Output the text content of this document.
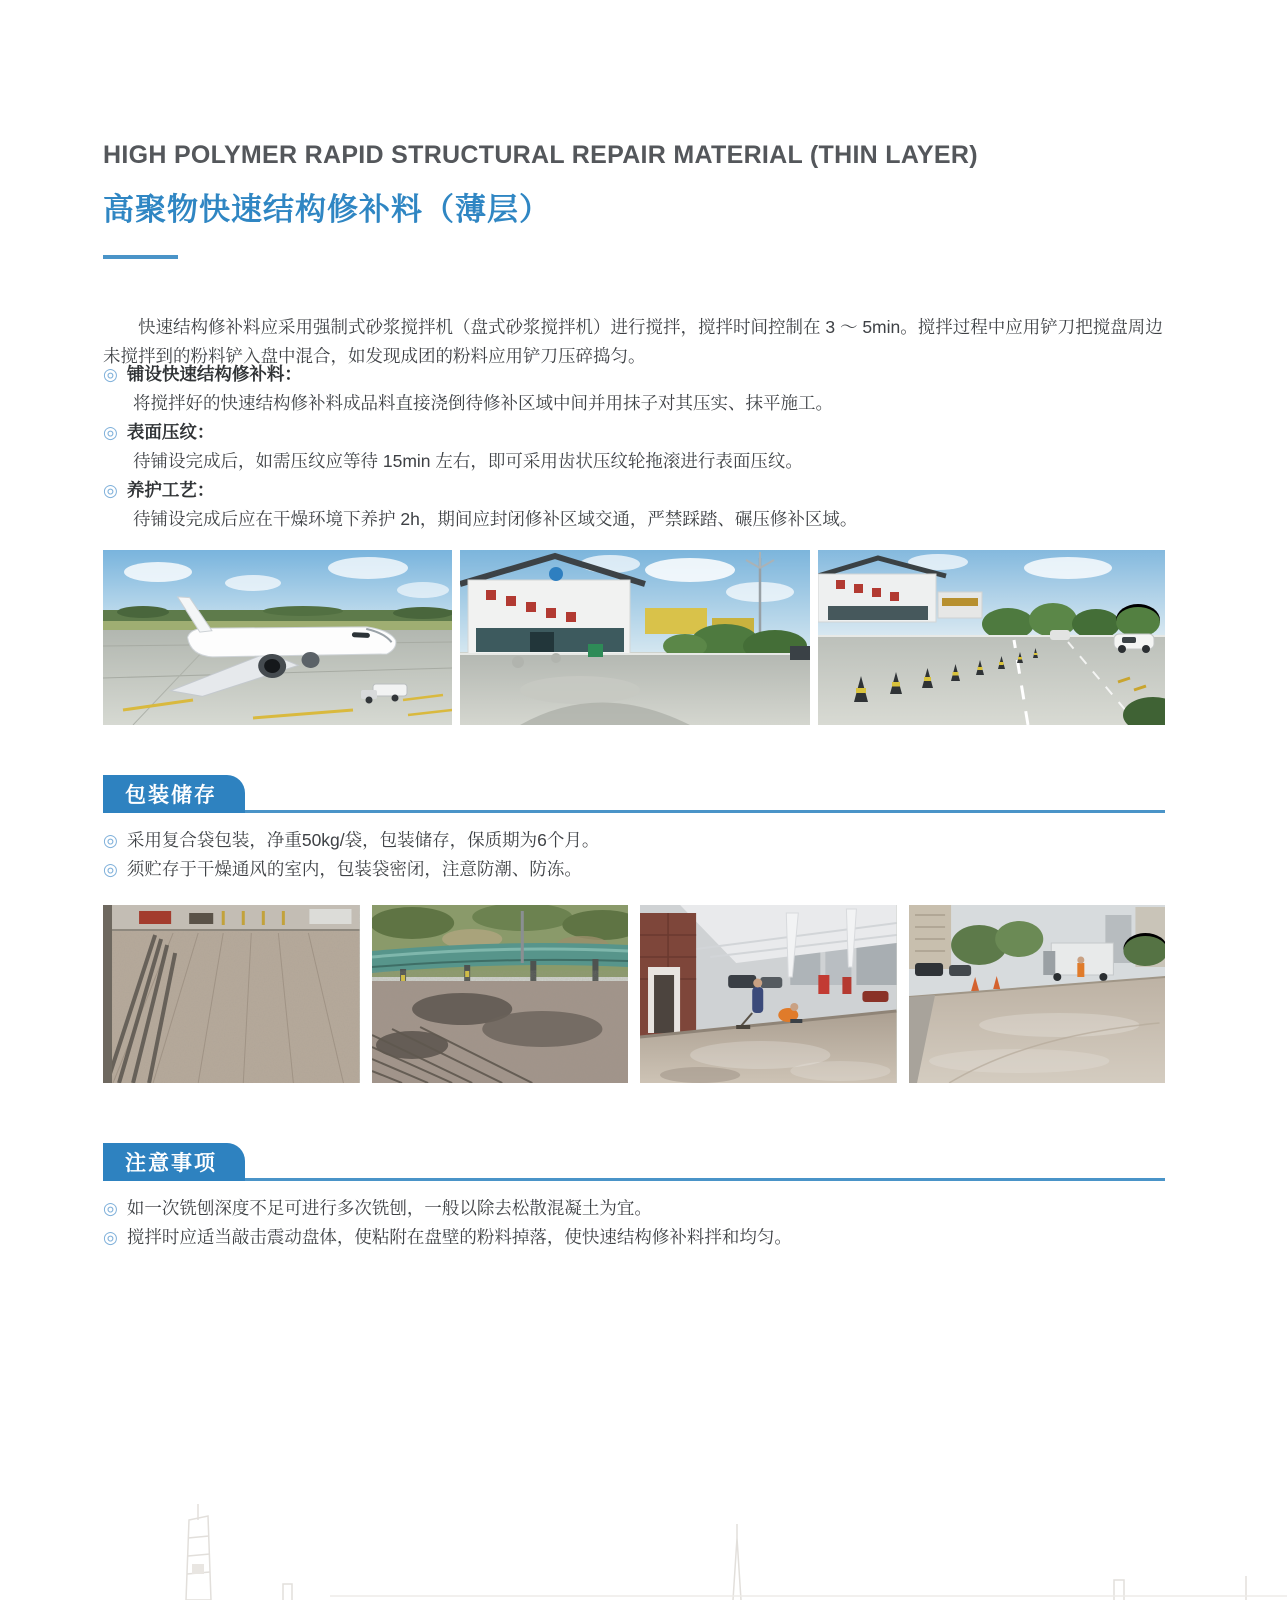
HIGH POLYMER RAPID STRUCTURAL REPAIR MATERIAL (THIN LAYER)
高聚物快速结构修补料（薄层）

快速结构修补料应采用强制式砂浆搅拌机（盘式砂浆搅拌机）进行搅拌，搅拌时间控制在 3 ～ 5min。搅拌过程中应用铲刀把搅盘周边未搅拌到的粉料铲入盘中混合，如发现成团的粉料应用铲刀压碎捣匀。

◎ 铺设快速结构修补料：
将搅拌好的快速结构修补料成品料直接浇倒待修补区域中间并用抹子对其压实、抹平施工。
◎ 表面压纹：
待铺设完成后，如需压纹应等待 15min 左右，即可采用齿状压纹轮拖滚进行表面压纹。
◎ 养护工艺：
待铺设完成后应在干燥环境下养护 2h，期间应封闭修补区域交通，严禁踩踏、碾压修补区域。
包装储存
◎ 采用复合袋包装，净重50kg/袋，包装储存，保质期为6个月。
◎ 须贮存于干燥通风的室内，包装袋密闭，注意防潮、防冻。
注意事项
◎ 如一次铣刨深度不足可进行多次铣刨，一般以除去松散混凝土为宜。
◎ 搅拌时应适当敲击震动盘体，使粘附在盘壁的粉料掉落，使快速结构修补料拌和均匀。
